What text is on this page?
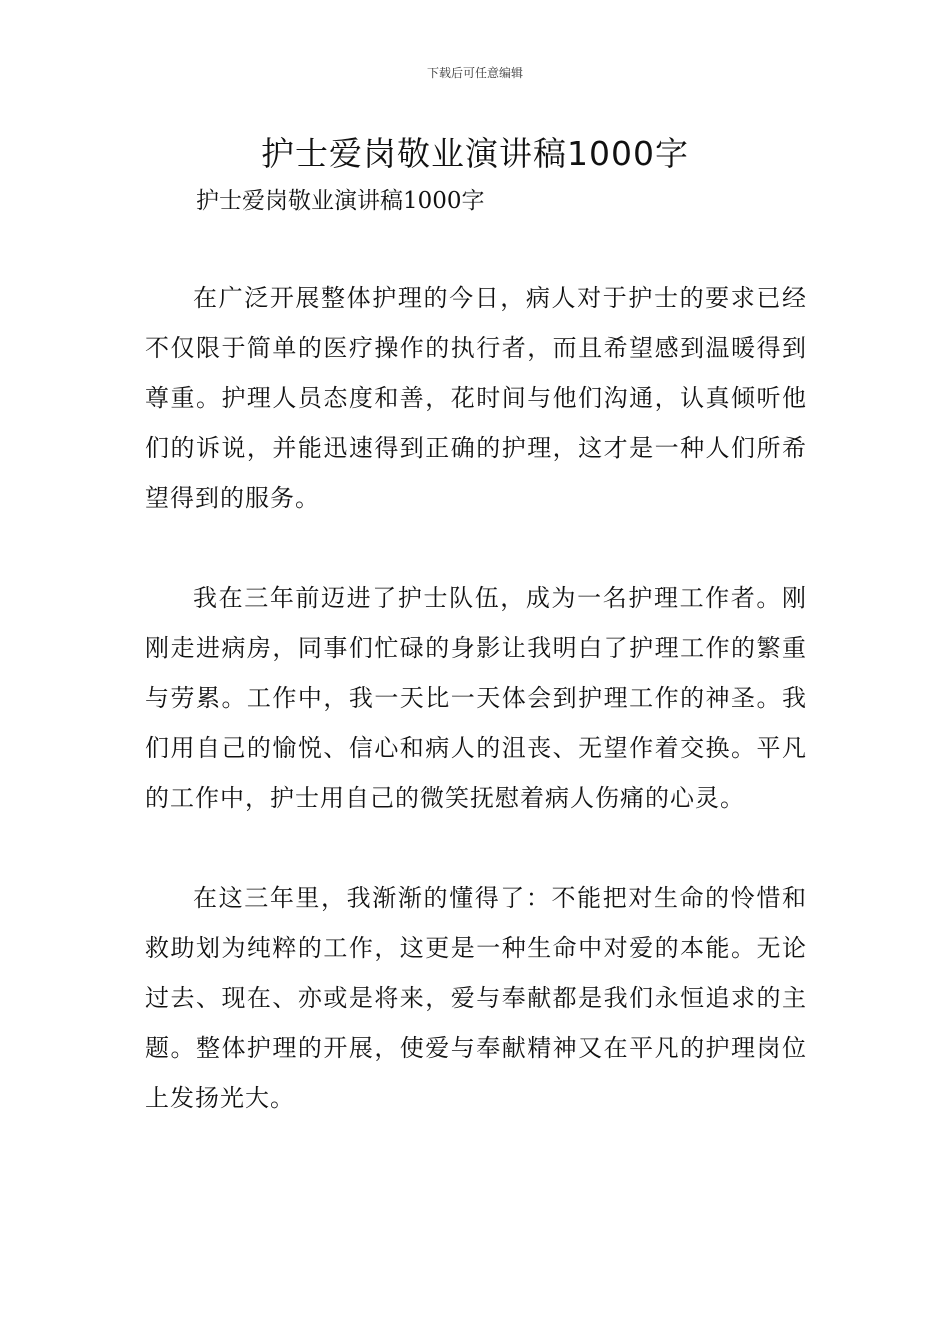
下载后可任意编辑
护士爱岗敬业演讲稿1000字

护士爱岗敬业演讲稿1000字

在广泛开展整体护理的今日，病人对于护士的要求已经不仅限于简单的医疗操作的执行者，而且希望感到温暖得到尊重。护理人员态度和善，花时间与他们沟通，认真倾听他们的诉说，并能迅速得到正确的护理，这才是一种人们所希望得到的服务。

我在三年前迈进了护士队伍，成为一名护理工作者。刚刚走进病房，同事们忙碌的身影让我明白了护理工作的繁重与劳累。工作中，我一天比一天体会到护理工作的神圣。我们用自己的愉悦、信心和病人的沮丧、无望作着交换。平凡的工作中，护士用自己的微笑抚慰着病人伤痛的心灵。

在这三年里，我渐渐的懂得了：不能把对生命的怜惜和救助划为纯粹的工作，这更是一种生命中对爱的本能。无论过去、现在、亦或是将来，爱与奉献都是我们永恒追求的主题。整体护理的开展，使爱与奉献精神又在平凡的护理岗位上发扬光大。
